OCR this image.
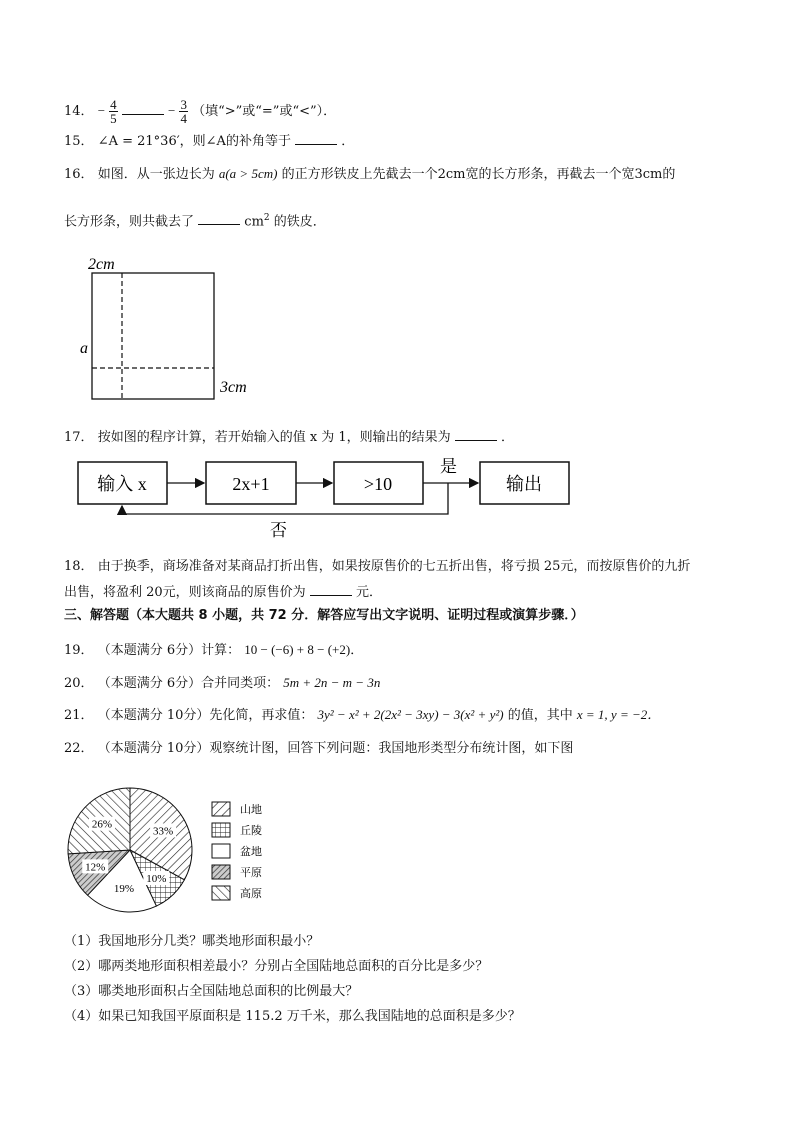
14． − $\frac{4}{5}$	− $\frac{3}{4}$ （填“>”或“=”或“<”）．
15． ∠A = 21°36′，则∠A的补角等于	．
16． 如图．从一张边长为 a(a > 5cm) 的正方形铁皮上先截去一个2cm宽的长方形条，再截去一个宽3cm的
长方形条，则共截去了	$cm^2$ 的铁皮．
2cm
a
3cm
17． 按如图的程序计算，若开始输入的值 x 为 1，则输出的结果为	．
输入 x	2x+1	>10	输出
是
否
18． 由于换季，商场准备对某商品打折出售，如果按原售价的七五折出售，将亏损 25元，而按原售价的九折
出售，将盈利 20元，则该商品的原售价为	元．
三、解答题（本大题共 8 小题，共 72 分．解答应写出文字说明、证明过程或演算步骤．）
19． （本题满分 6分）计算： 10 − (−6) + 8 − (+2)．
20． （本题满分 6分）合并同类项： 5m + 2n − m − 3n
21． （本题满分 10分）先化简，再求值： 3y² − x² + 2(2x² − 3xy) − 3(x² + y²) 的值，其中 x = 1, y = −2．
22． （本题满分 10分）观察统计图，回答下列问题：我国地形类型分布统计图，如下图
33%
10%
19%
12%
26%
山地
丘陵
盆地
平原
高原
（1）我国地形分几类？哪类地形面积最小？
（2）哪两类地形面积相差最小？分别占全国陆地总面积的百分比是多少？
（3）哪类地形面积占全国陆地总面积的比例最大？
（4）如果已知我国平原面积是 115.2 万千米，那么我国陆地的总面积是多少？
